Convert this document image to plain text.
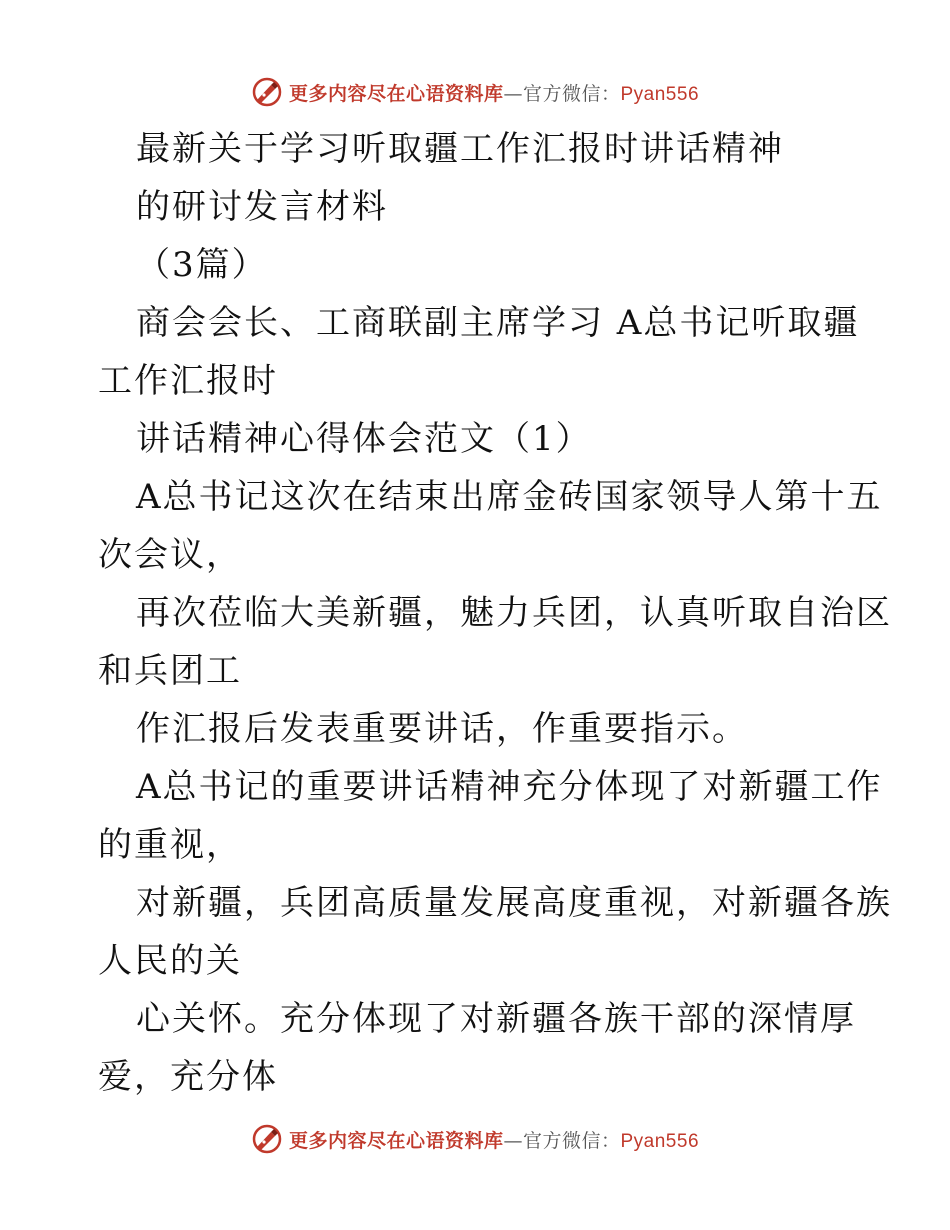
更多内容尽在心语资料库—官方微信：Pyan556
最新关于学习听取疆工作汇报时讲话精神
的研讨发言材料
（3篇）
商会会长、工商联副主席学习 A总书记听取疆
工作汇报时
讲话精神心得体会范文（1）
A总书记这次在结束出席金砖国家领导人第十五
次会议，
再次莅临大美新疆，魅力兵团，认真听取自治区
和兵团工
作汇报后发表重要讲话，作重要指示。
A总书记的重要讲话精神充分体现了对新疆工作
的重视，
对新疆，兵团高质量发展高度重视，对新疆各族
人民的关
心关怀。充分体现了对新疆各族干部的深情厚
爱，充分体
更多内容尽在心语资料库—官方微信：Pyan556
